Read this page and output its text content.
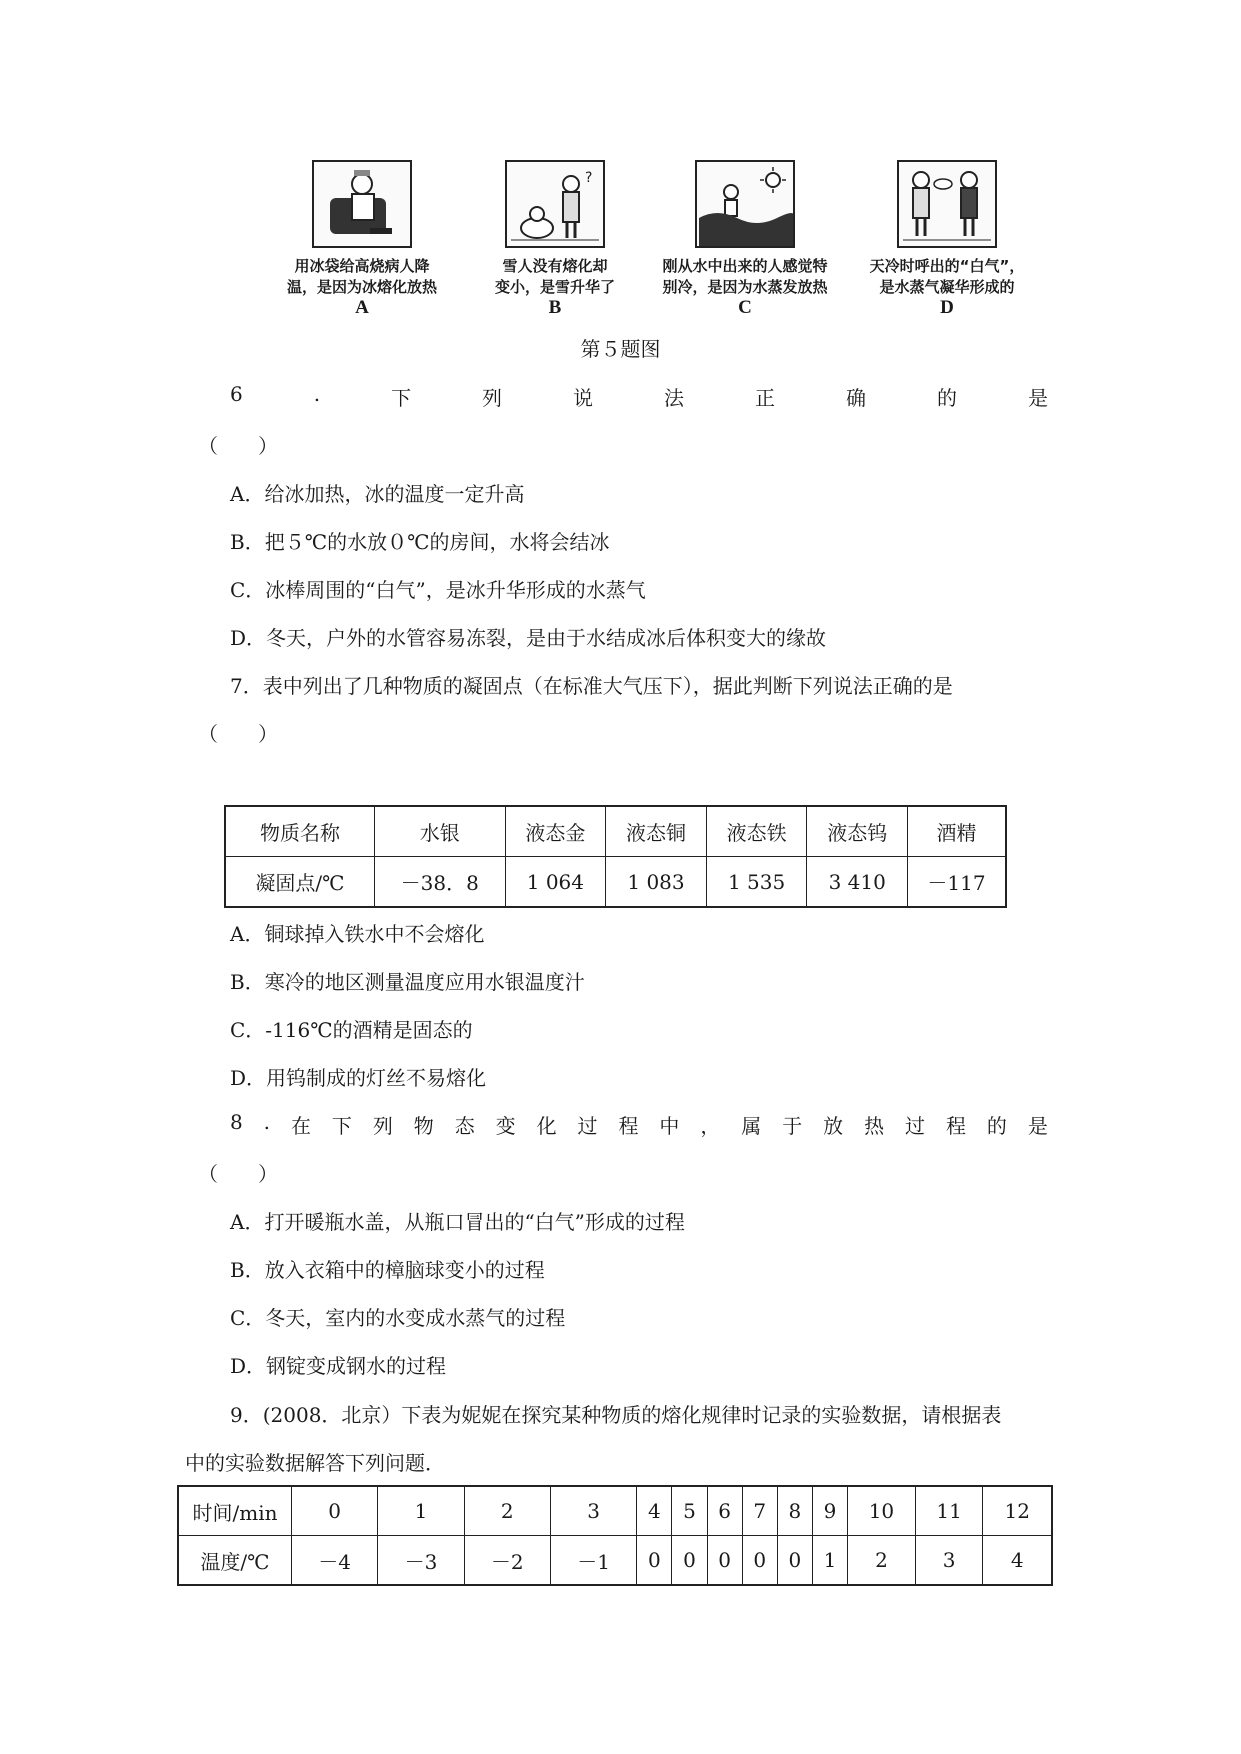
用冰袋给高烧病人降
温，是因为冰熔化放热
A
?
雪人没有熔化却
变小，是雪升华了
B
刚从水中出来的人感觉特
别冷，是因为水蒸发放热
C
天冷时呼出的“白气”，
是水蒸气凝华形成的
D
第５题图
6	.	下	列	说	法	正	确	的	是
（　　）
A．给冰加热，冰的温度一定升高
B．把５℃的水放０℃的房间，水将会结冰
C．冰棒周围的“白气”，是冰升华形成的水蒸气
D．冬天，户外的水管容易冻裂，是由于水结成冰后体积变大的缘故
7．表中列出了几种物质的凝固点（在标准大气压下），据此判断下列说法正确的是
（　　）
物质名称	水银	液态金	液态铜	液态铁	液态钨	酒精
凝固点/℃	－38．8	1 064	1 083	1 535	3 410	－117
A．铜球掉入铁水中不会熔化
B．寒冷的地区测量温度应用水银温度汁
C．-116℃的酒精是固态的
D．用钨制成的灯丝不易熔化
8 . 在 下 列 物 态 变 化 过 程 中 ， 属 于 放 热 过 程 的 是
（　　）
A．打开暖瓶水盖，从瓶口冒出的“白气”形成的过程
B．放入衣箱中的樟脑球变小的过程
C．冬天，室内的水变成水蒸气的过程
D．钢锭变成钢水的过程
9．(2008．北京）下表为妮妮在探究某种物质的熔化规律时记录的实验数据，请根据表
中的实验数据解答下列问题．
时间/min	0	1	2	3	4	5	6	7	8	9	10	11	12
温度/℃	－4	－3	－2	－1	0	0	0	0	0	1	2	3	4
